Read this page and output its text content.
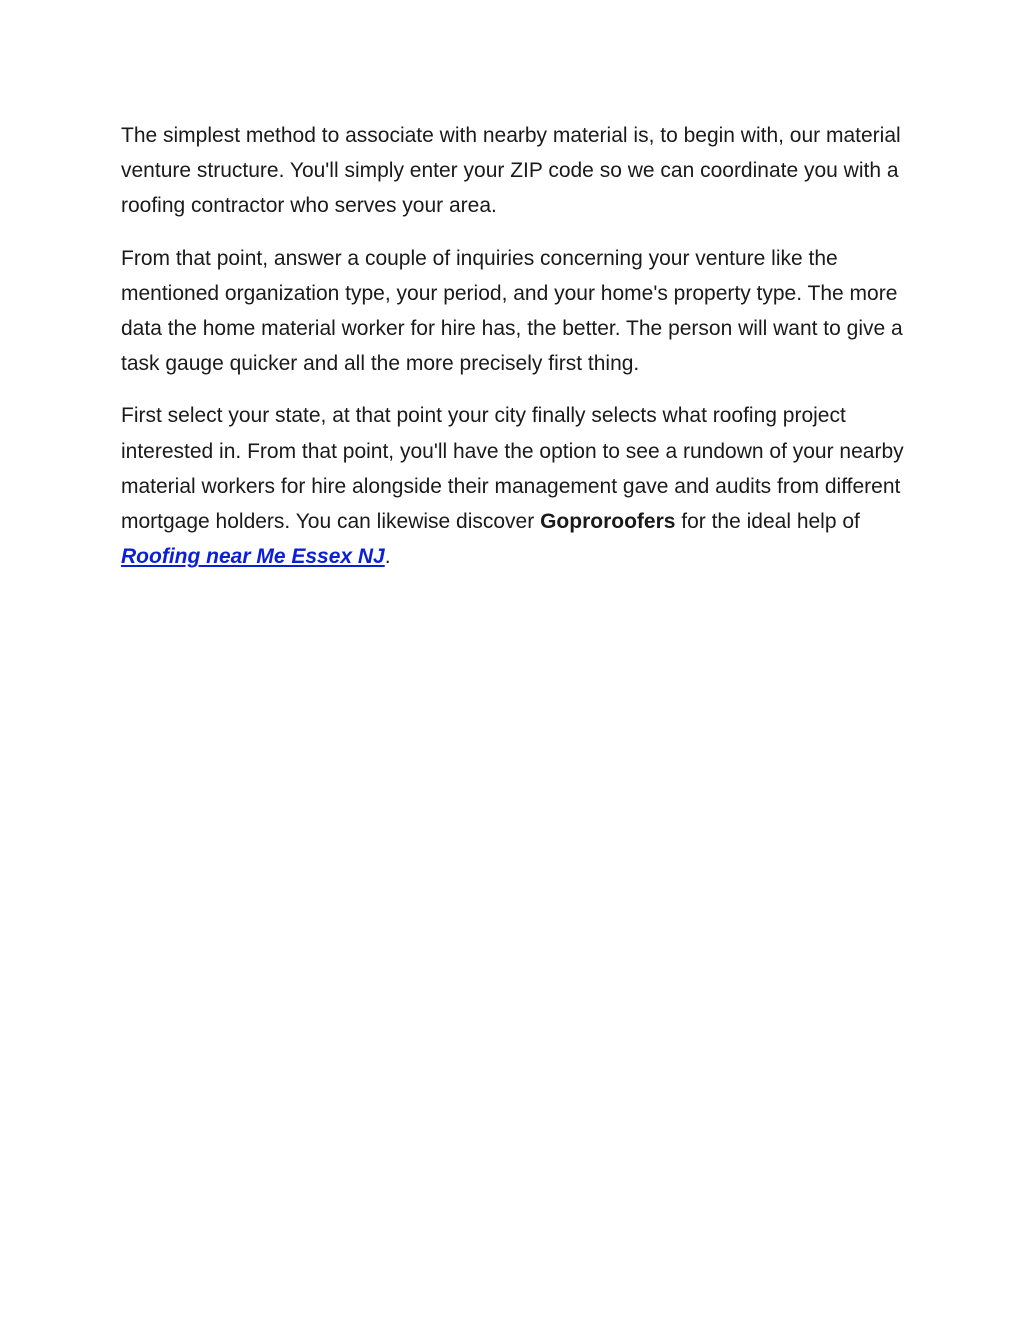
The simplest method to associate with nearby material is, to begin with, our material venture structure. You'll simply enter your ZIP code so we can coordinate you with a roofing contractor who serves your area.

From that point, answer a couple of inquiries concerning your venture like the mentioned organization type, your period, and your home's property type. The more data the home material worker for hire has, the better. The person will want to give a task gauge quicker and all the more precisely first thing.

First select your state, at that point your city finally selects what roofing project interested in. From that point, you'll have the option to see a rundown of your nearby material workers for hire alongside their management gave and audits from different mortgage holders. You can likewise discover Goproroofers for the ideal help of Roofing near Me Essex NJ.
